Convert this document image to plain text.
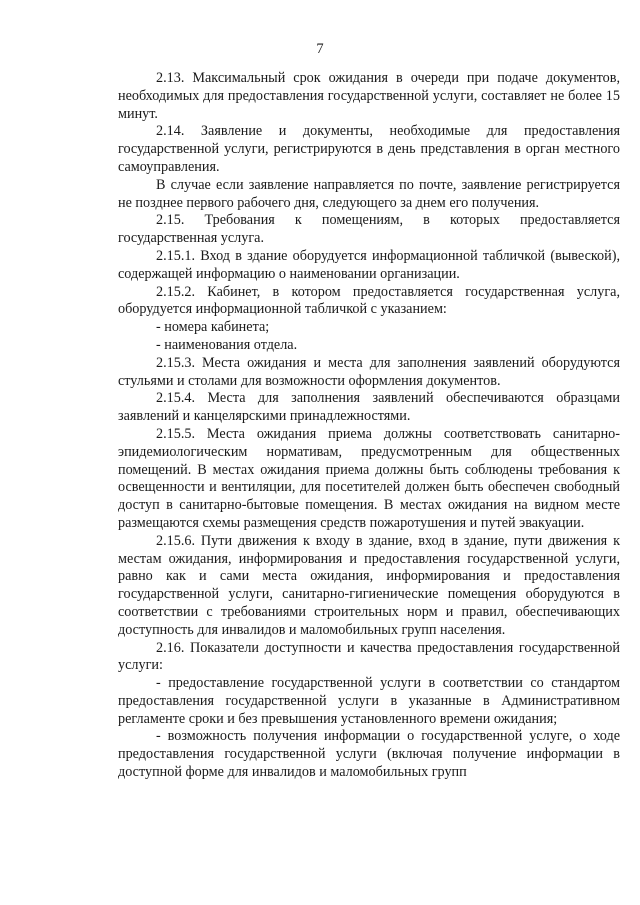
7

2.13. Максимальный срок ожидания в очереди при подаче документов, необходимых для предоставления государственной услуги, составляет не более 15 минут.

2.14. Заявление и документы, необходимые для предоставления государственной услуги, регистрируются в день представления в орган местного самоуправления.

В случае если заявление направляется по почте, заявление регистрируется не позднее первого рабочего дня, следующего за днем его получения.

2.15. Требования к помещениям, в которых предоставляется государственная услуга.

2.15.1. Вход в здание оборудуется информационной табличкой (вывеской), содержащей информацию о наименовании организации.

2.15.2. Кабинет, в котором предоставляется государственная услуга, оборудуется информационной табличкой с указанием:

- номера кабинета;

- наименования отдела.

2.15.3. Места ожидания и места для заполнения заявлений оборудуются стульями и столами для возможности оформления документов.

2.15.4. Места для заполнения заявлений обеспечиваются образцами заявлений и канцелярскими принадлежностями.

2.15.5. Места ожидания приема должны соответствовать санитарно-эпидемиологическим нормативам, предусмотренным для общественных помещений. В местах ожидания приема должны быть соблюдены требования к освещенности и вентиляции, для посетителей должен быть обеспечен свободный доступ в санитарно-бытовые помещения. В местах ожидания на видном месте размещаются схемы размещения средств пожаротушения и путей эвакуации.

2.15.6. Пути движения к входу в здание, вход в здание, пути движения к местам ожидания, информирования и предоставления государственной услуги, равно как и сами места ожидания, информирования и предоставления государственной услуги, санитарно-гигиенические помещения оборудуются в соответствии с требованиями строительных норм и правил, обеспечивающих доступность для инвалидов и маломобильных групп населения.

2.16. Показатели доступности и качества предоставления государственной услуги:

- предоставление государственной услуги в соответствии со стандартом предоставления государственной услуги в указанные в Административном регламенте сроки и без превышения установленного времени ожидания;

- возможность получения информации о государственной услуге, о ходе предоставления государственной услуги (включая получение информации в доступной форме для инвалидов и маломобильных групп
